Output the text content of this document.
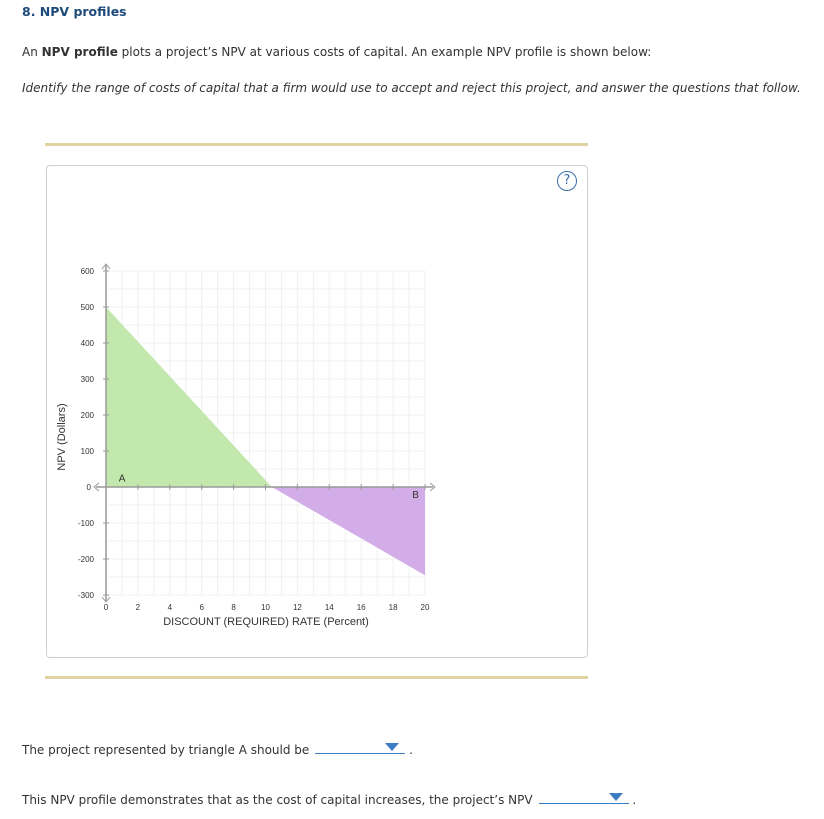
8. NPV profiles
An NPV profile plots a project’s NPV at various costs of capital. An example NPV profile is shown below:
Identify the range of costs of capital that a firm would use to accept and reject this project, and answer the questions that follow.
?
A
B
0	2	4	6	8	10	12	14	16	18	20
600
500
400
300
200
100
0
-100
-200
-300
DISCOUNT (REQUIRED) RATE (Percent)
NPV (Dollars)
The project represented by triangle A should be	.
This NPV profile demonstrates that as the cost of capital increases, the project’s NPV	.
